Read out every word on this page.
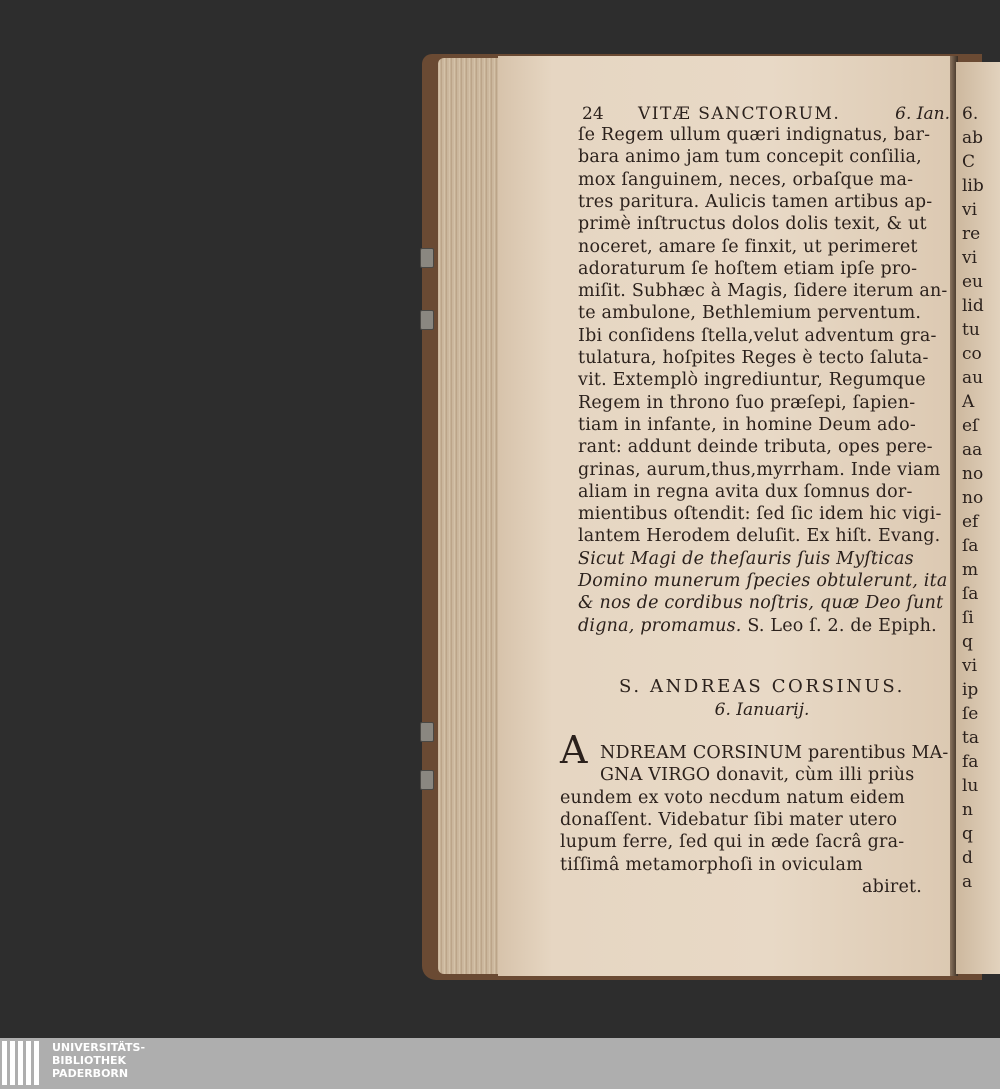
24 VITÆ SANCTORUM.	6. Ian.

ſe Regem ullum quæri indignatus, bar-

bara animo jam tum concepit conſilia,

mox ſanguinem, neces, orbaſque ma-

tres paritura. Aulicis tamen artibus ap-

primè inſtructus dolos dolis texit, & ut

noceret, amare ſe finxit, ut perimeret

adoraturum ſe hoſtem etiam ipſe pro-

miſit. Subhæc à Magis, ſidere iterum an-

te ambulone, Bethlemium perventum.

Ibi conſidens ſtella,velut adventum gra-

tulatura, hoſpites Reges è tecto ſaluta-

vit. Extemplò ingrediuntur, Regumque

Regem in throno ſuo præſepi, ſapien-

tiam in infante, in homine Deum ado-

rant: addunt deinde tributa, opes pere-

grinas, aurum,thus,myrrham. Inde viam

aliam in regna avita dux ſomnus dor-

mientibus oſtendit: ſed ſic idem hic vigi-

lantem Herodem deluſit. Ex hiſt. Evang.

Sicut Magi de theſauris ſuis Myſticas

Domino munerum ſpecies obtulerunt, ita

& nos de cordibus noſtris, quæ Deo ſunt

digna, promamus. S. Leo ſ. 2. de Epiph.

NDREAM CORSINUM parentibus MA-

GNA VIRGO donavit, cùm illi priùs

eundem ex voto necdum natum eidem

donaſſent. Videbatur ſibi mater utero

lupum ferre, ſed qui in æde ſacrâ gra-

tiſſimâ metamorphoſi in oviculam

abiret.

S. ANDREAS CORSINUS.

6. Ianuarij.

A
6.
ab
C
lib
vi
re
vi
eu
lid
tu
co
au
A
eſ
aa
no
no
ef
ſa
m
ſa
ſi
q
vi
ip
ſe
ta
fa
lu
n
q
d
a
UNIVERSITÄTS-
BIBLIOTHEK
PADERBORN
